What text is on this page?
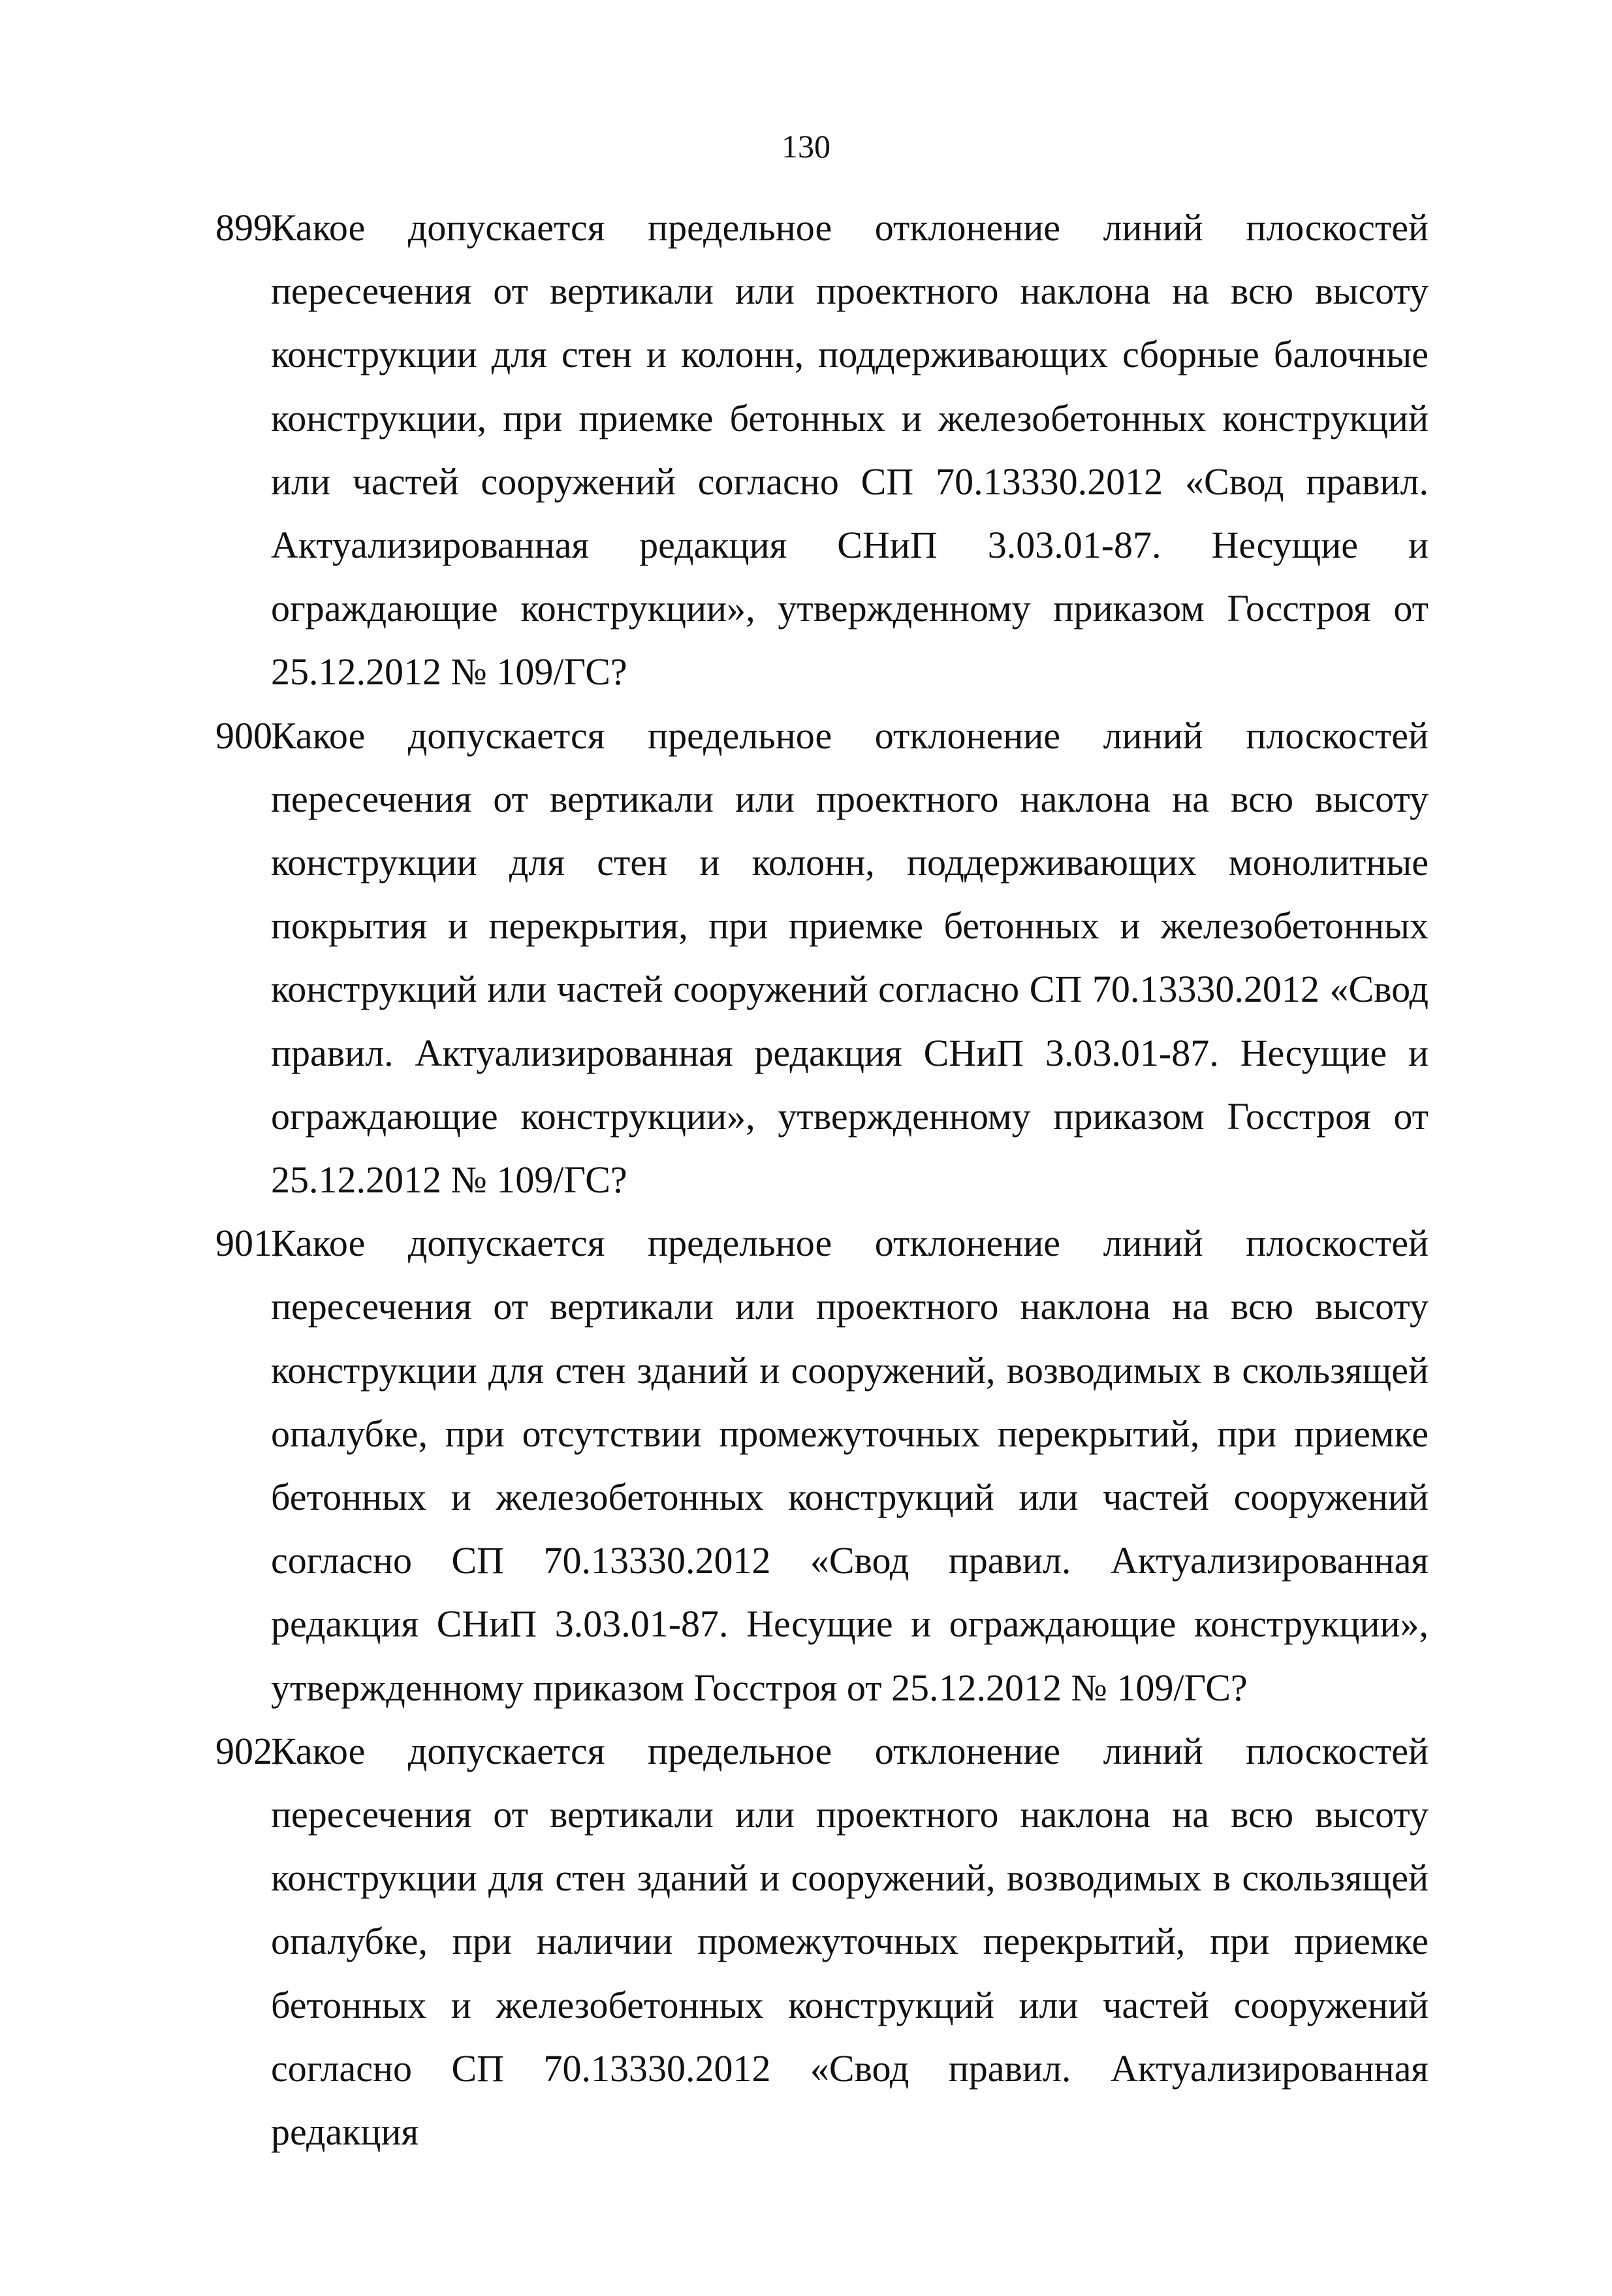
130
899.
Какое допускается предельное отклонение линий плоскостей пересечения от вертикали или проектного наклона на всю высоту конструкции для стен и колонн, поддерживающих сборные балочные конструкции, при приемке бетонных и железобетонных конструкций или частей сооружений согласно СП 70.13330.2012 «Свод правил. Актуализированная редакция СНиП 3.03.01-87. Несущие и ограждающие конструкции», утвержденному приказом Госстроя от 25.12.2012 № 109/ГС?
900.
Какое допускается предельное отклонение линий плоскостей пересечения от вертикали или проектного наклона на всю высоту конструкции для стен и колонн, поддерживающих монолитные покрытия и перекрытия, при приемке бетонных и железобетонных конструкций или частей сооружений согласно СП 70.13330.2012 «Свод правил. Актуализированная редакция СНиП 3.03.01-87. Несущие и ограждающие конструкции», утвержденному приказом Госстроя от 25.12.2012 № 109/ГС?
901.
Какое допускается предельное отклонение линий плоскостей пересечения от вертикали или проектного наклона на всю высоту конструкции для стен зданий и сооружений, возводимых в скользящей опалубке, при отсутствии промежуточных перекрытий, при приемке бетонных и железобетонных конструкций или частей сооружений согласно СП 70.13330.2012 «Свод правил. Актуализированная редакция СНиП 3.03.01-87. Несущие и ограждающие конструкции», утвержденному приказом Госстроя от 25.12.2012 № 109/ГС?
902.
Какое допускается предельное отклонение линий плоскостей пересечения от вертикали или проектного наклона на всю высоту конструкции для стен зданий и сооружений, возводимых в скользящей опалубке, при наличии промежуточных перекрытий, при приемке бетонных и железобетонных конструкций или частей сооружений согласно СП 70.13330.2012 «Свод правил. Актуализированная редакция
